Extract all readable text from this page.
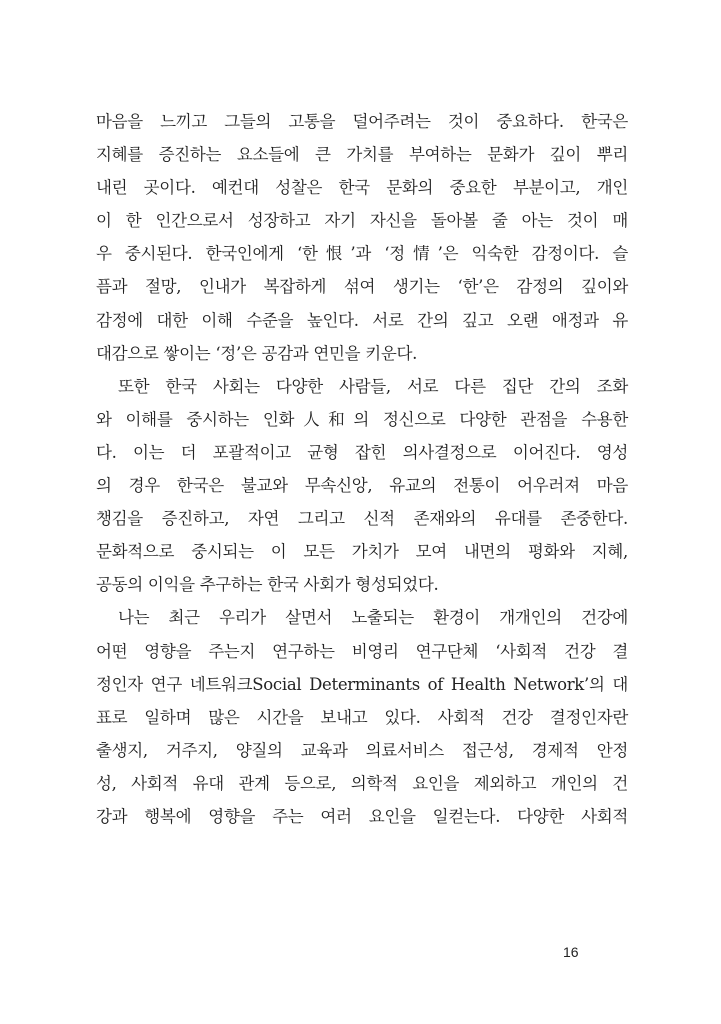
마음을 느끼고 그들의 고통을 덜어주려는 것이 중요하다. 한국은
지혜를 증진하는 요소들에 큰 가치를 부여하는 문화가 깊이 뿌리
내린 곳이다. 예컨대 성찰은 한국 문화의 중요한 부분이고, 개인
이 한 인간으로서 성장하고 자기 자신을 돌아볼 줄 아는 것이 매
우 중시된다. 한국인에게 ‘한恨’과 ‘정情’은 익숙한 감정이다. 슬
픔과 절망, 인내가 복잡하게 섞여 생기는 ‘한’은 감정의 깊이와
감정에 대한 이해 수준을 높인다. 서로 간의 깊고 오랜 애정과 유
대감으로 쌓이는 ‘정’은 공감과 연민을 키운다.
또한 한국 사회는 다양한 사람들, 서로 다른 집단 간의 조화
와 이해를 중시하는 인화人和의 정신으로 다양한 관점을 수용한
다. 이는 더 포괄적이고 균형 잡힌 의사결정으로 이어진다. 영성
의 경우 한국은 불교와 무속신앙, 유교의 전통이 어우러져 마음
챙김을 증진하고, 자연 그리고 신적 존재와의 유대를 존중한다.
문화적으로 중시되는 이 모든 가치가 모여 내면의 평화와 지혜,
공동의 이익을 추구하는 한국 사회가 형성되었다.
나는 최근 우리가 살면서 노출되는 환경이 개개인의 건강에
어떤 영향을 주는지 연구하는 비영리 연구단체 ‘사회적 건강 결
정인자 연구 네트워크Social Determinants of Health Network’의 대
표로 일하며 많은 시간을 보내고 있다. 사회적 건강 결정인자란
출생지, 거주지, 양질의 교육과 의료서비스 접근성, 경제적 안정
성, 사회적 유대 관계 등으로, 의학적 요인을 제외하고 개인의 건
강과 행복에 영향을 주는 여러 요인을 일컫는다. 다양한 사회적
16
